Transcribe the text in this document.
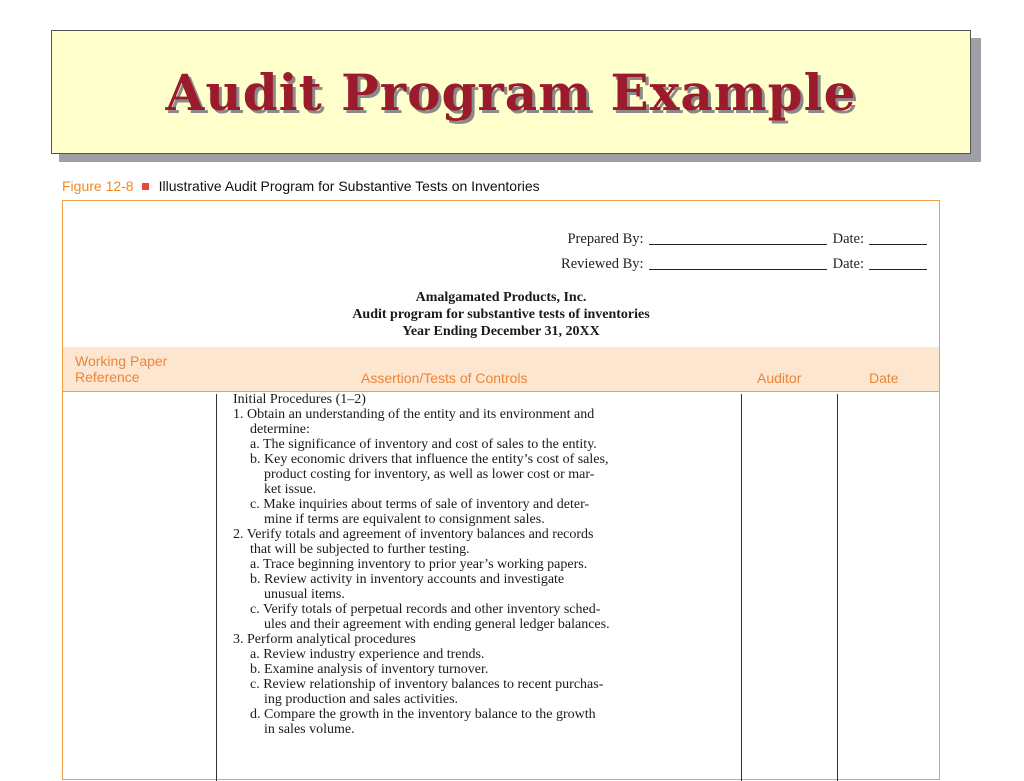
Audit Program Example
Figure 12-8 Illustrative Audit Program for Substantive Tests on Inventories
Prepared By:	Date:
Reviewed By:	Date:
Amalgamated Products, Inc.
Audit program for substantive tests of inventories
Year Ending December 31, 20XX
Working Paper
Reference	Assertion/Tests of Controls	Auditor	Date
Initial Procedures (1–2)
1. Obtain an understanding of the entity and its environment and
determine:
a. The significance of inventory and cost of sales to the entity.
b. Key economic drivers that influence the entity’s cost of sales,
product costing for inventory, as well as lower cost or mar-
ket issue.
c. Make inquiries about terms of sale of inventory and deter-
mine if terms are equivalent to consignment sales.
2. Verify totals and agreement of inventory balances and records
that will be subjected to further testing.
a. Trace beginning inventory to prior year’s working papers.
b. Review activity in inventory accounts and investigate
unusual items.
c. Verify totals of perpetual records and other inventory sched-
ules and their agreement with ending general ledger balances.
3. Perform analytical procedures
a. Review industry experience and trends.
b. Examine analysis of inventory turnover.
c. Review relationship of inventory balances to recent purchas-
ing production and sales activities.
d. Compare the growth in the inventory balance to the growth
in sales volume.
